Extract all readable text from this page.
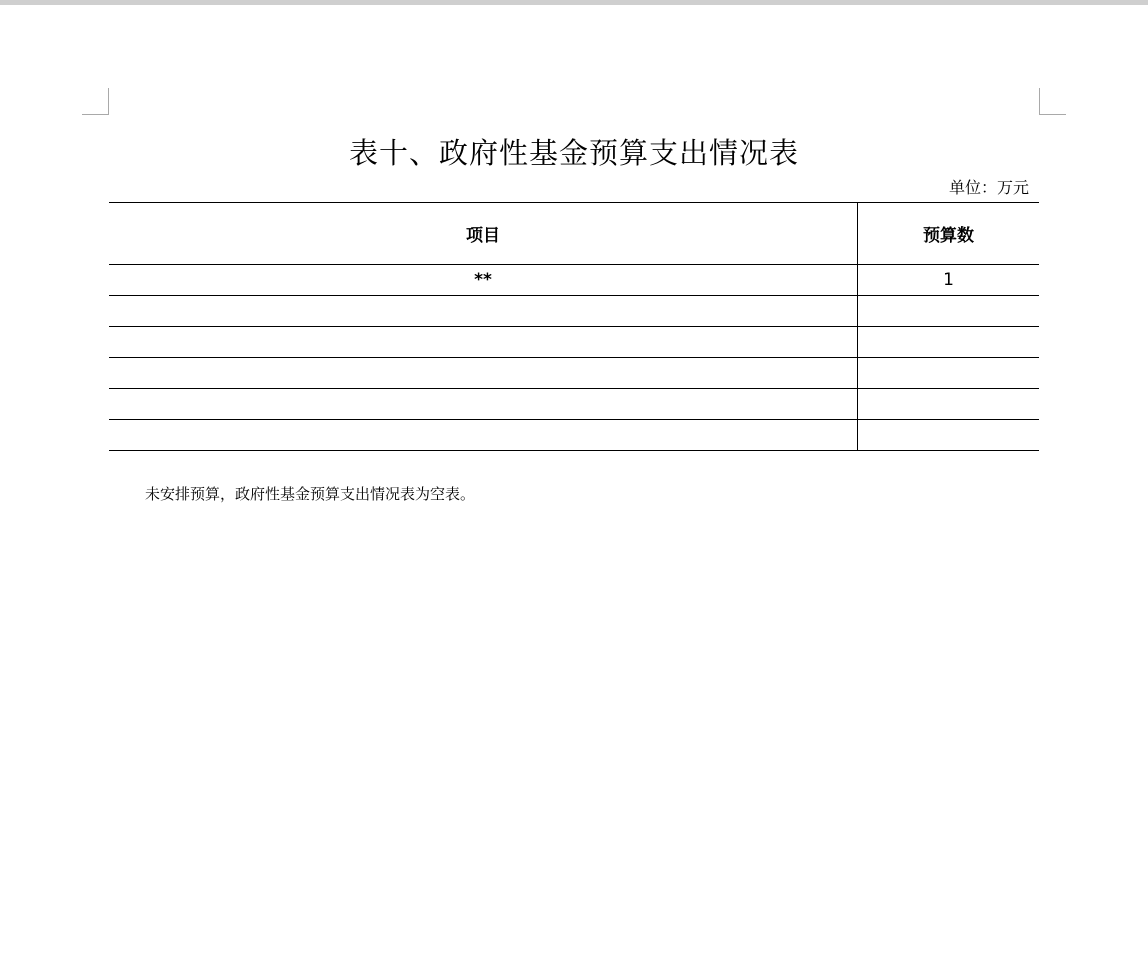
表十、政府性基金预算支出情况表
单位：万元
项目	预算数
**	1

未安排预算，政府性基金预算支出情况表为空表。
